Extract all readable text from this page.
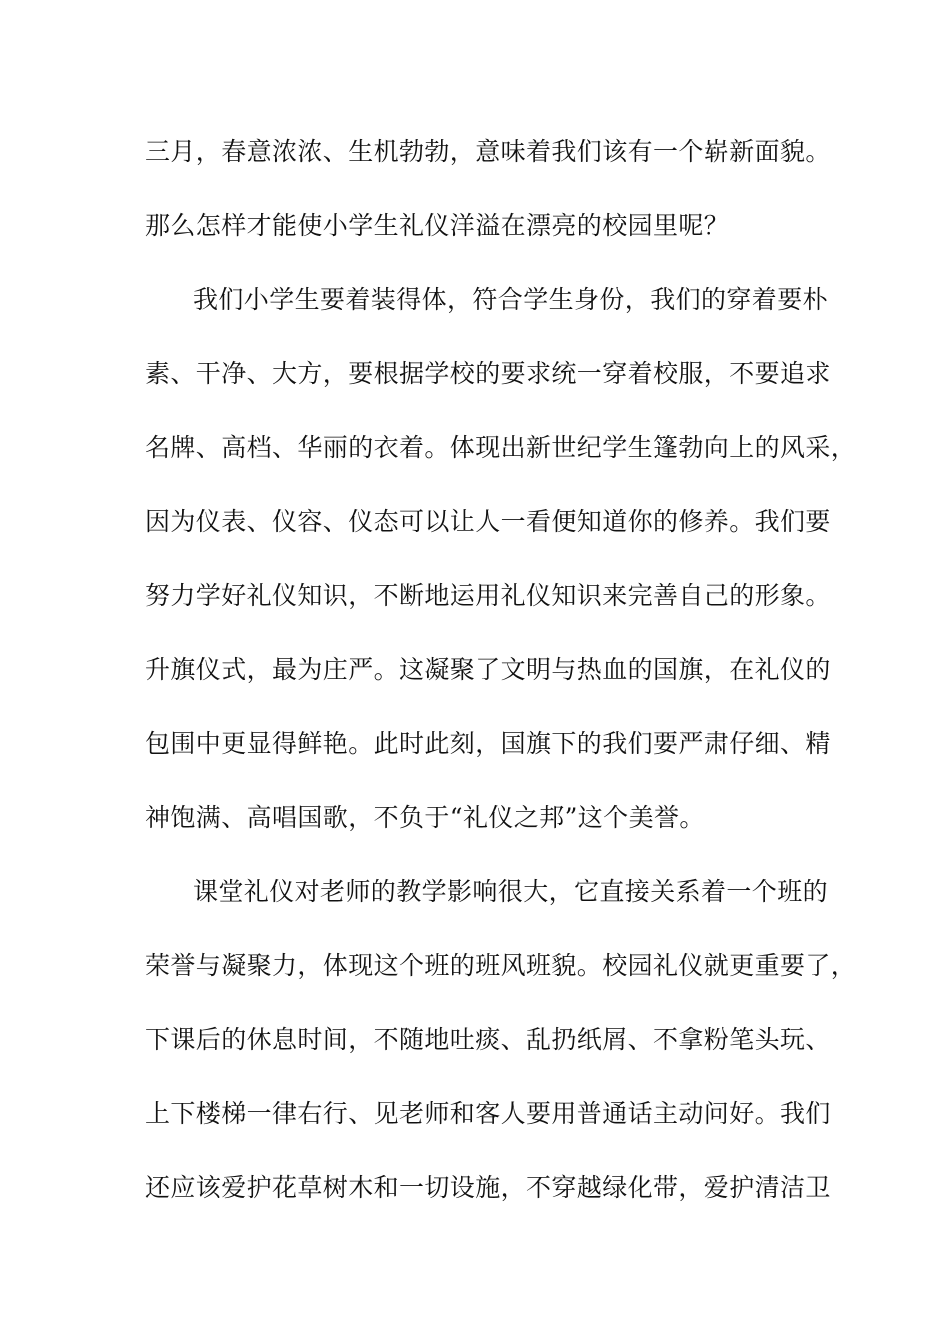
三月，春意浓浓、生机勃勃，意味着我们该有一个崭新面貌。

那么怎样才能使小学生礼仪洋溢在漂亮的校园里呢？

我们小学生要着装得体，符合学生身份，我们的穿着要朴

素、干净、大方，要根据学校的要求统一穿着校服，不要追求

名牌、高档、华丽的衣着。体现出新世纪学生篷勃向上的风采，

因为仪表、仪容、仪态可以让人一看便知道你的修养。我们要

努力学好礼仪知识，不断地运用礼仪知识来完善自己的形象。

升旗仪式，最为庄严。这凝聚了文明与热血的国旗，在礼仪的

包围中更显得鲜艳。此时此刻，国旗下的我们要严肃仔细、精

神饱满、高唱国歌，不负于“礼仪之邦”这个美誉。

课堂礼仪对老师的教学影响很大，它直接关系着一个班的

荣誉与凝聚力，体现这个班的班风班貌。校园礼仪就更重要了，

下课后的休息时间，不随地吐痰、乱扔纸屑、不拿粉笔头玩、

上下楼梯一律右行、见老师和客人要用普通话主动问好。我们

还应该爱护花草树木和一切设施，不穿越绿化带，爱护清洁卫
